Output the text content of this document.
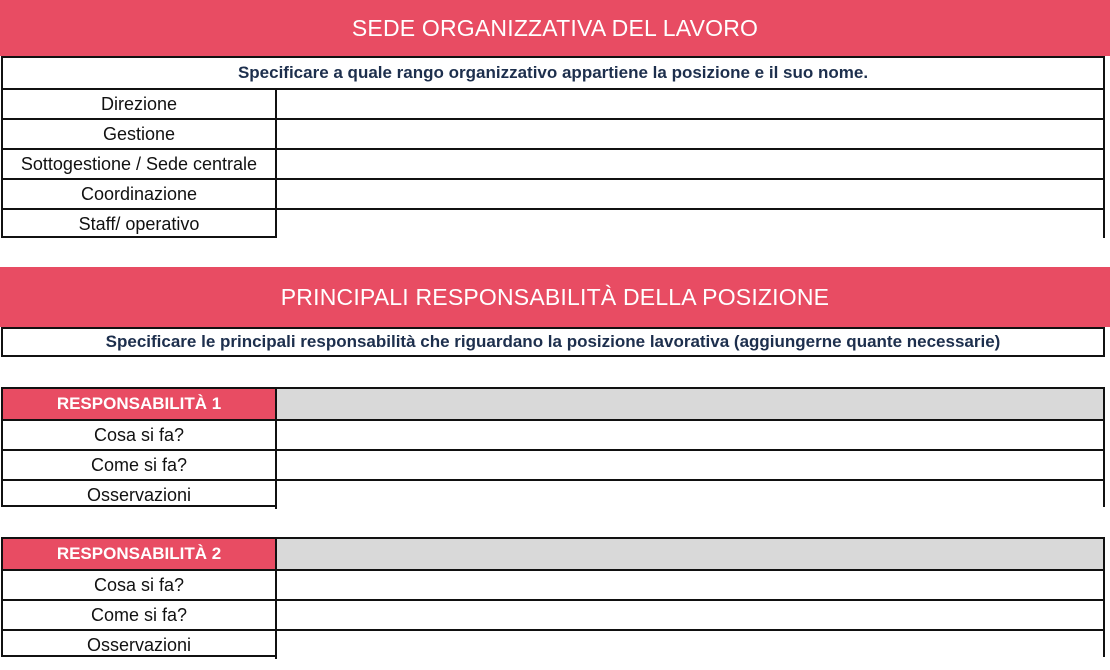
SEDE ORGANIZZATIVA DEL LAVORO
Specificare a quale rango organizzativo appartiene la posizione e il suo nome.
Direzione
Gestione
Sottogestione / Sede centrale
Coordinazione
Staff/ operativo
PRINCIPALI RESPONSABILITÀ DELLA POSIZIONE
Specificare le principali responsabilità che riguardano la posizione lavorativa (aggiungerne quante necessarie)
RESPONSABILITÀ 1
Cosa si fa?
Come si fa?
Osservazioni
RESPONSABILITÀ 2
Cosa si fa?
Come si fa?
Osservazioni
